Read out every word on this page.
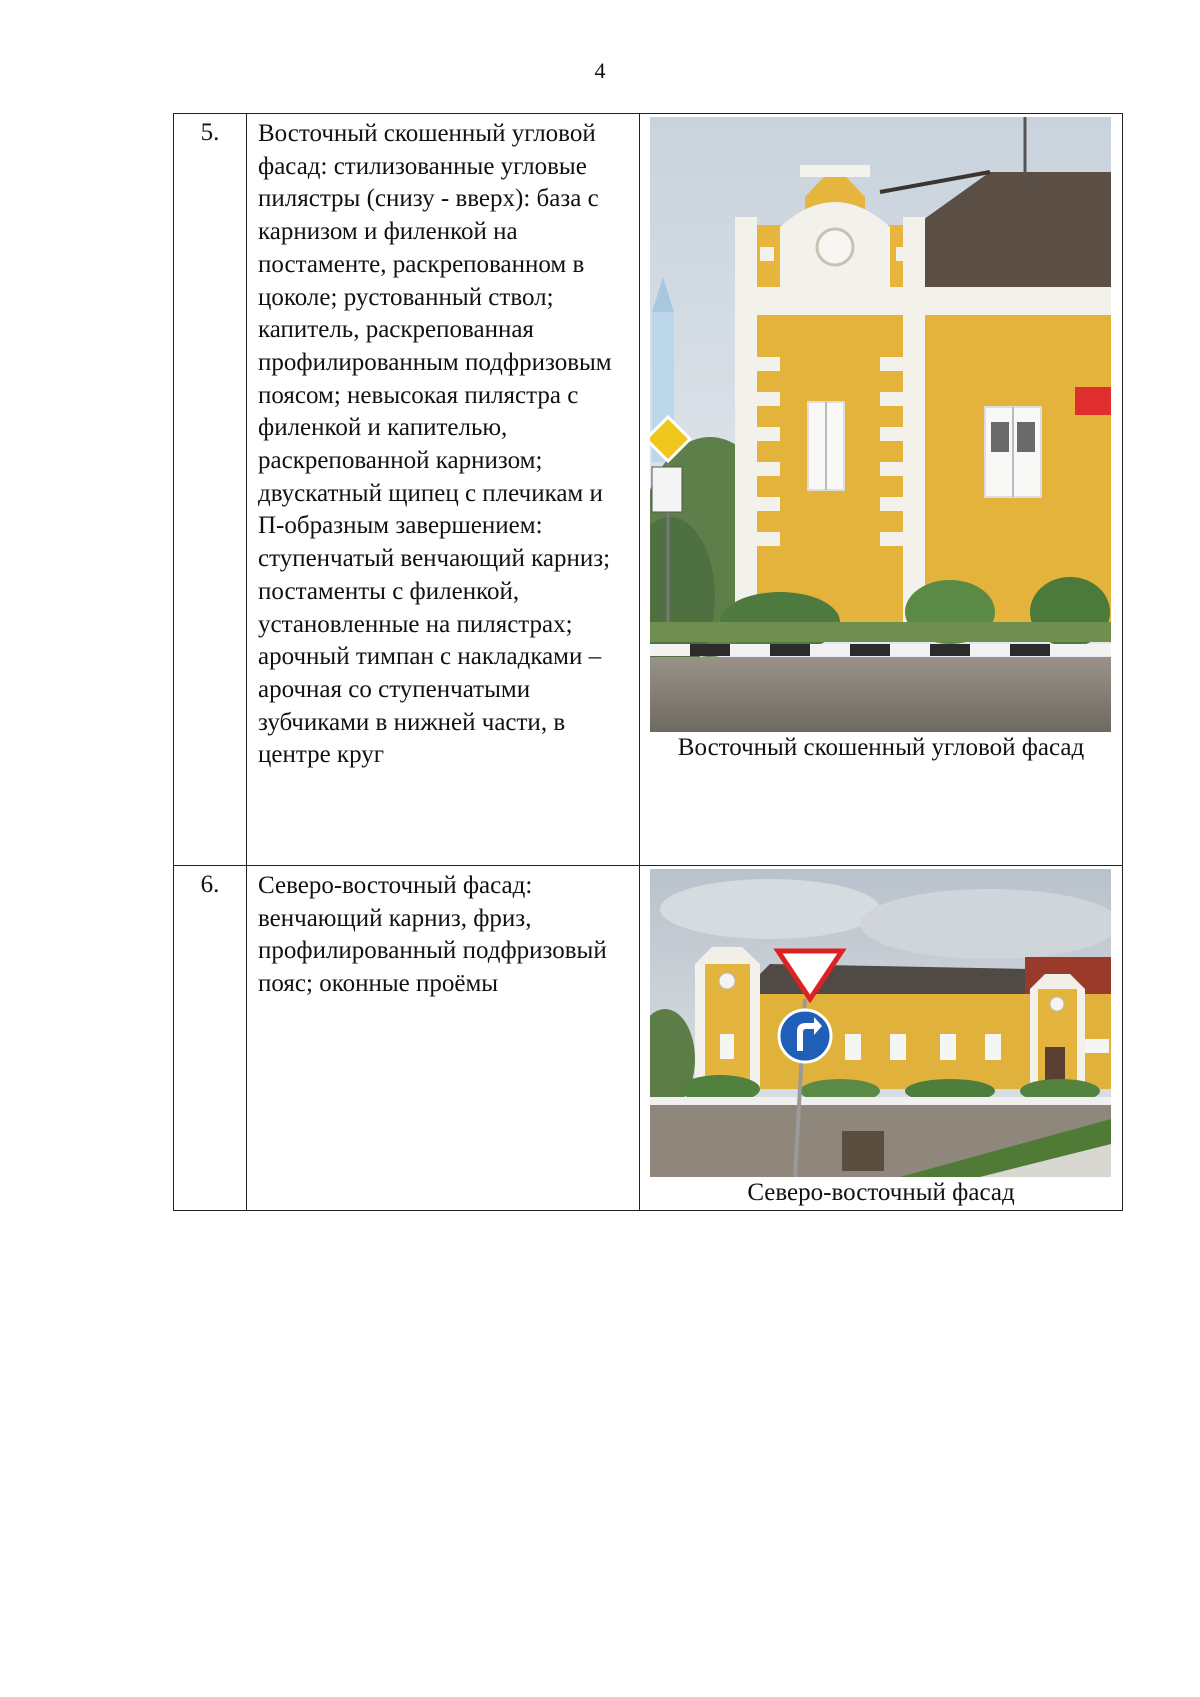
4
5.	Восточный скошенный угловой фасад: стилизованные угловые пилястры (снизу - вверх): база с карнизом и филенкой на постаменте, раскрепованном в цоколе; рустованный ствол; капитель, раскрепованная профилированным подфризовым поясом; невысокая пилястра с филенкой и капителью, раскрепованной карнизом; двускатный щипец с плечикам и П-образным завершением: ступенчатый венчающий карниз; постаменты с филенкой, установленные на пилястрах; арочный тимпан с накладками – арочная со ступенчатыми зубчиками в нижней части, в центре круг	Восточный скошенный угловой фасад

6.	Северо-восточный фасад: венчающий карниз, фриз, профилированный подфризовый пояс; оконные проёмы	Северо-восточный фасад
